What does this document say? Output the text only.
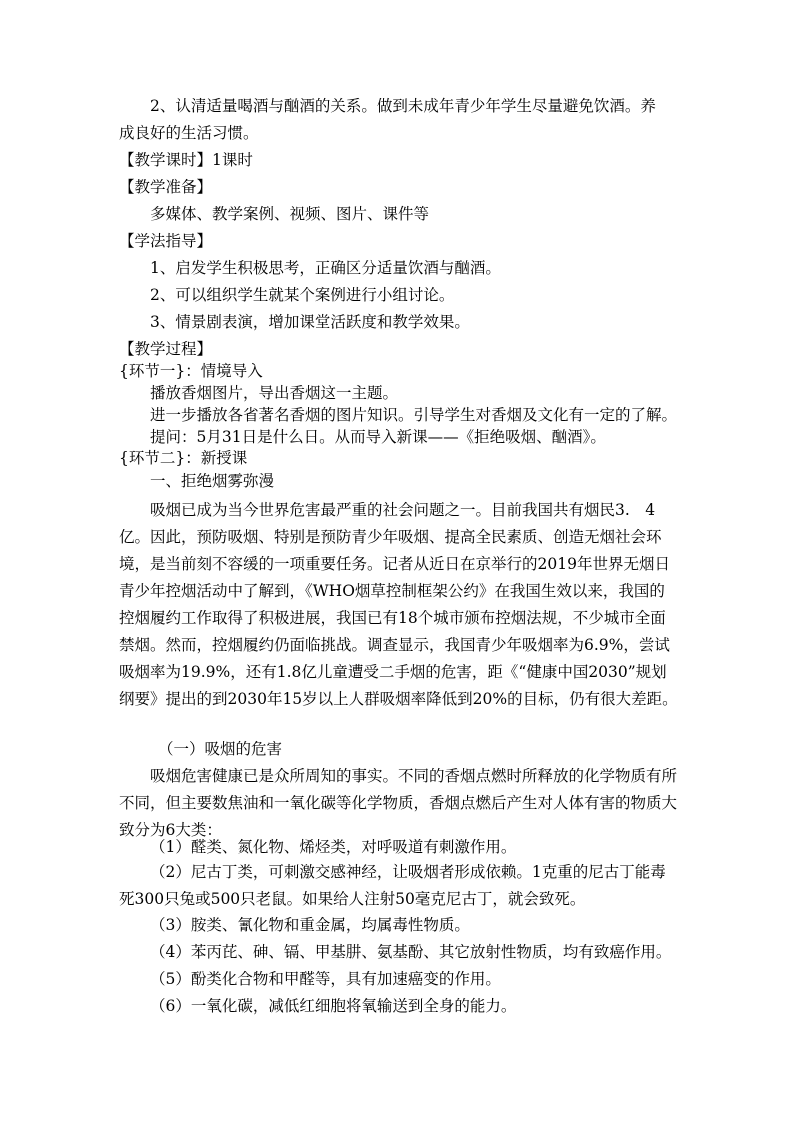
2、认清适量喝酒与酗酒的关系。做到未成年青少年学生尽量避免饮酒。养
成良好的生活习惯。
【教学课时】1课时
【教学准备】
多媒体、教学案例、视频、图片、课件等
【学法指导】
1、启发学生积极思考，正确区分适量饮酒与酗酒。
2、可以组织学生就某个案例进行小组讨论。
3、情景剧表演，增加课堂活跃度和教学效果。
【教学过程】
{环节一}：情境导入
播放香烟图片，导出香烟这一主题。
进一步播放各省著名香烟的图片知识。引导学生对香烟及文化有一定的了解。
提问：5月31日是什么日。从而导入新课——《拒绝吸烟、酗酒》。
{环节二}：新授课
一、拒绝烟雾弥漫
吸烟已成为当今世界危害最严重的社会问题之一。目前我国共有烟民3.　4亿。因此，预防吸烟、特别是预防青少年吸烟、提高全民素质、创造无烟社会环境，是当前刻不容缓的一项重要任务。记者从近日在京举行的2019年世界无烟日青少年控烟活动中了解到，《WHO烟草控制框架公约》在我国生效以来，我国的控烟履约工作取得了积极进展，我国已有18个城市颁布控烟法规，不少城市全面禁烟。然而，控烟履约仍面临挑战。调查显示，我国青少年吸烟率为6.9%，尝试吸烟率为19.9%，还有1.8亿儿童遭受二手烟的危害，距《“健康中国2030”规划纲要》提出的到2030年15岁以上人群吸烟率降低到20%的目标，仍有很大差距。
（一）吸烟的危害
吸烟危害健康已是众所周知的事实。不同的香烟点燃时所释放的化学物质有所不同，但主要数焦油和一氧化碳等化学物质，香烟点燃后产生对人体有害的物质大致分为6大类：
（1）醛类、氮化物、烯烃类，对呼吸道有刺激作用。
（2）尼古丁类，可刺激交感神经，让吸烟者形成依赖。1克重的尼古丁能毒死300只兔或500只老鼠。如果给人注射50毫克尼古丁，就会致死。
（3）胺类、氰化物和重金属，均属毒性物质。
（4）苯丙芘、砷、镉、甲基肼、氨基酚、其它放射性物质，均有致癌作用。
（5）酚类化合物和甲醛等，具有加速癌变的作用。
（6）一氧化碳，减低红细胞将氧输送到全身的能力。
